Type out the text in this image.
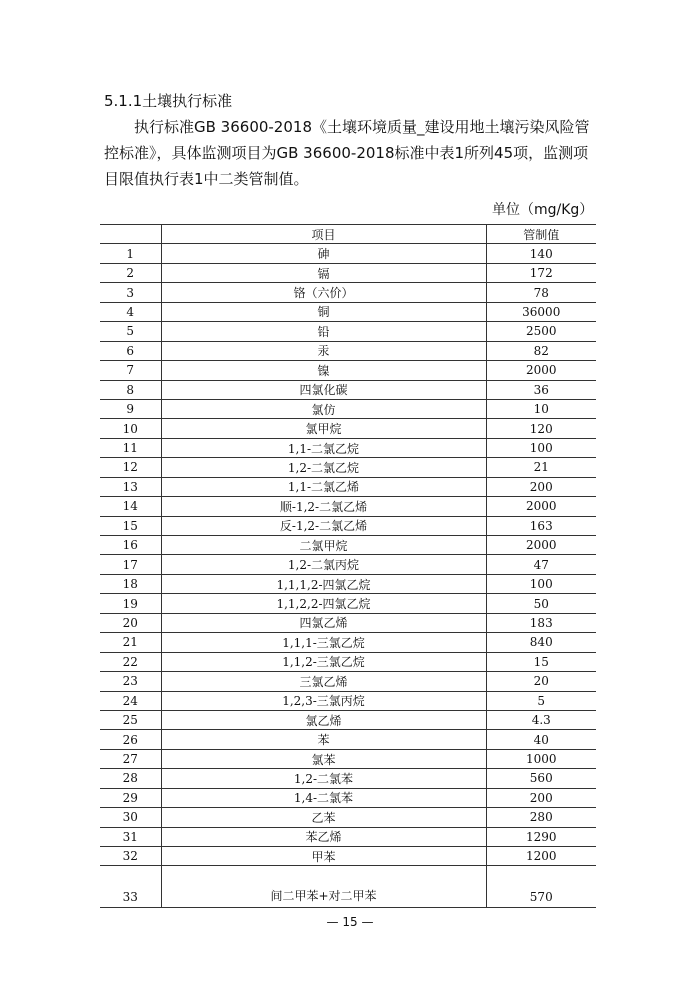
5.1.1土壤执行标准
执行标准GB 36600-2018《土壤环境质量_建设用地土壤污染风险管控标准》，具体监测项目为GB 36600-2018标准中表1所列45项，监测项目限值执行表1中二类管制值。
单位（mg/Kg）
	项目	管制值
1	砷	140
2	镉	172
3	铬（六价）	78
4	铜	36000
5	铅	2500
6	汞	82
7	镍	2000
8	四氯化碳	36
9	氯仿	10
10	氯甲烷	120
11	1,1-二氯乙烷	100
12	1,2-二氯乙烷	21
13	1,1-二氯乙烯	200
14	顺-1,2-二氯乙烯	2000
15	反-1,2-二氯乙烯	163
16	二氯甲烷	2000
17	1,2-二氯丙烷	47
18	1,1,1,2-四氯乙烷	100
19	1,1,2,2-四氯乙烷	50
20	四氯乙烯	183
21	1,1,1-三氯乙烷	840
22	1,1,2-三氯乙烷	15
23	三氯乙烯	20
24	1,2,3-三氯丙烷	5
25	氯乙烯	4.3
26	苯	40
27	氯苯	1000
28	1,2-二氯苯	560
29	1,4-二氯苯	200
30	乙苯	280
31	苯乙烯	1290
32	甲苯	1200
33	间二甲苯+对二甲苯	570
— 15 —
